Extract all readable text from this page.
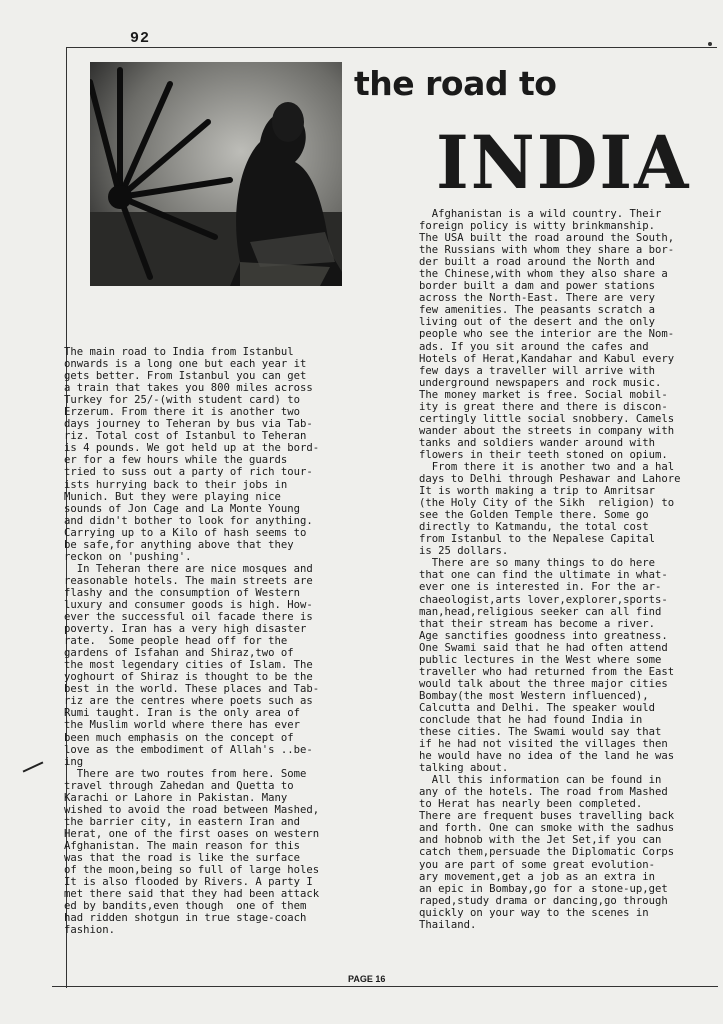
92
the road to
INDIA
The main road to India from Istanbul
onwards is a long one but each year it
gets better. From Istanbul you can get
a train that takes you 800 miles across
Turkey for 25/-(with student card) to
Erzerum. From there it is another two
days journey to Teheran by bus via Tab-
riz. Total cost of Istanbul to Teheran
is 4 pounds. We got held up at the bord-
er for a few hours while the guards
tried to suss out a party of rich tour-
ists hurrying back to their jobs in
Munich. But they were playing nice
sounds of Jon Cage and La Monte Young
and didn't bother to look for anything.
Carrying up to a Kilo of hash seems to
be safe,for anything above that they
reckon on 'pushing'.
In Teheran there are nice mosques and
reasonable hotels. The main streets are
flashy and the consumption of Western
luxury and consumer goods is high. How-
ever the successful oil facade there is
poverty. Iran has a very high disaster
rate.  Some people head off for the
gardens of Isfahan and Shiraz,two of
the most legendary cities of Islam. The
yoghourt of Shiraz is thought to be the
best in the world. These places and Tab-
riz are the centres where poets such as
Rumi taught. Iran is the only area of
the Muslim world where there has ever
been much emphasis on the concept of
love as the embodiment of Allah's ..be-
ing
There are two routes from here. Some
travel through Zahedan and Quetta to
Karachi or Lahore in Pakistan. Many
wished to avoid the road between Mashed,
the barrier city, in eastern Iran and
Herat, one of the first oases on western
Afghanistan. The main reason for this
was that the road is like the surface
of the moon,being so full of large holes
It is also flooded by Rivers. A party I
met there said that they had been attack
ed by bandits,even though  one of them
had ridden shotgun in true stage-coach
fashion.
Afghanistan is a wild country. Their
foreign policy is witty brinkmanship.
The USA built the road around the South,
the Russians with whom they share a bor-
der built a road around the North and
the Chinese,with whom they also share a
border built a dam and power stations
across the North-East. There are very
few amenities. The peasants scratch a
living out of the desert and the only
people who see the interior are the Nom-
ads. If you sit around the cafes and
Hotels of Herat,Kandahar and Kabul every
few days a traveller will arrive with
underground newspapers and rock music.
The money market is free. Social mobil-
ity is great there and there is discon-
certingly little social snobbery. Camels
wander about the streets in company with
tanks and soldiers wander around with
flowers in their teeth stoned on opium.
From there it is another two and a hal
days to Delhi through Peshawar and Lahore
It is worth making a trip to Amritsar
(the Holy City of the Sikh  religion) to
see the Golden Temple there. Some go
directly to Katmandu, the total cost
from Istanbul to the Nepalese Capital
is 25 dollars.
There are so many things to do here
that one can find the ultimate in what-
ever one is interested in. For the ar-
chaeologist,arts lover,explorer,sports-
man,head,religious seeker can all find
that their stream has become a river.
Age sanctifies goodness into greatness.
One Swami said that he had often attend
public lectures in the West where some
traveller who had returned from the East
would talk about the three major cities
Bombay(the most Western influenced),
Calcutta and Delhi. The speaker would
conclude that he had found India in
these cities. The Swami would say that
if he had not visited the villages then
he would have no idea of the land he was
talking about.
All this information can be found in
any of the hotels. The road from Mashed
to Herat has nearly been completed.
There are frequent buses travelling back
and forth. One can smoke with the sadhus
and hobnob with the Jet Set,if you can
catch them,persuade the Diplomatic Corps
you are part of some great evolution-
ary movement,get a job as an extra in
an epic in Bombay,go for a stone-up,get
raped,study drama or dancing,go through
quickly on your way to the scenes in
Thailand.
PAGE 16
